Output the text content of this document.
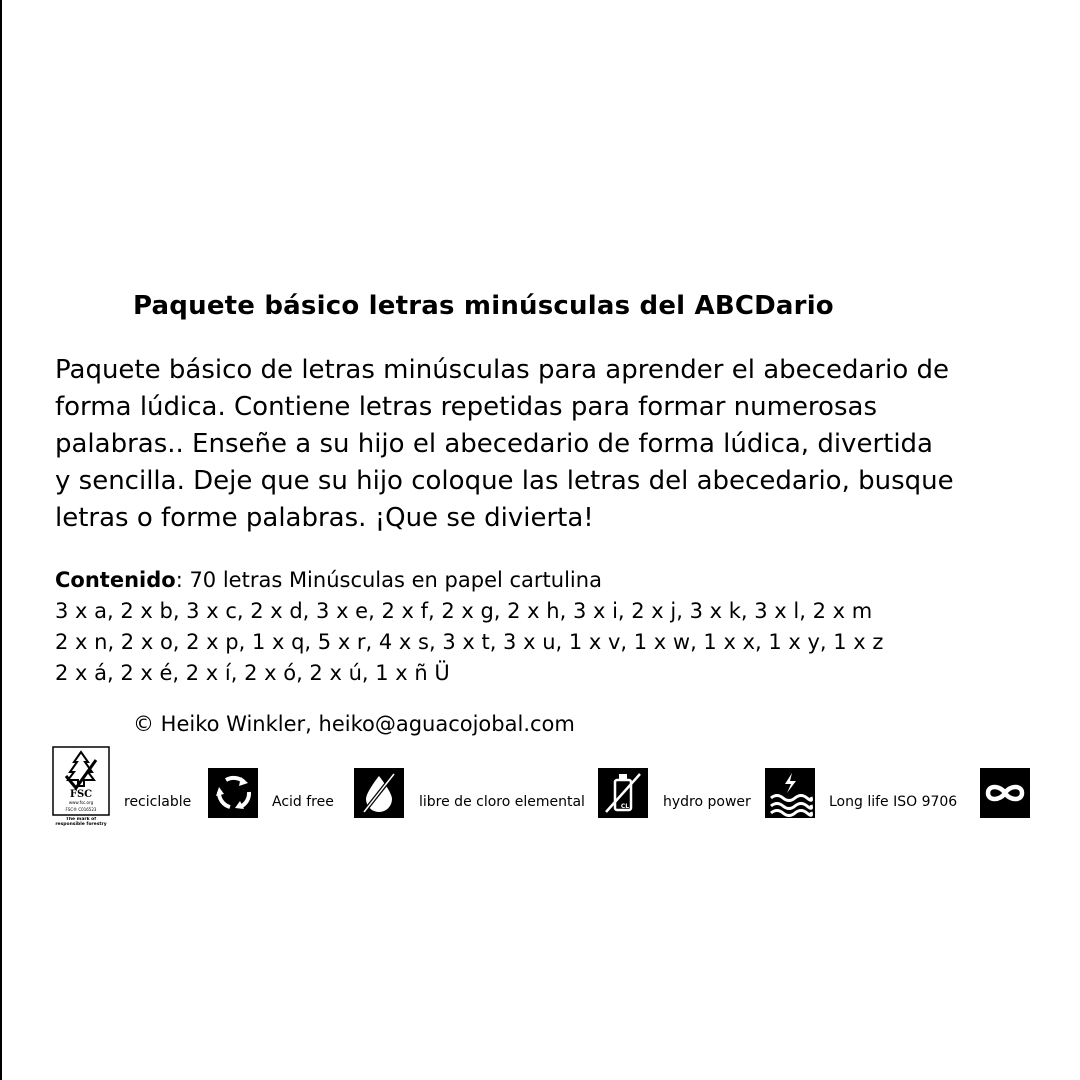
Paquete básico letras minúsculas del ABCDario

Paquete básico de letras minúsculas para aprender el abecedario de

forma lúdica. Contiene letras repetidas para formar numerosas

palabras.. Enseñe a su hijo el abecedario de forma lúdica, divertida

y sencilla. Deje que su hijo coloque las letras del abecedario, busque

letras o forme palabras. ¡Que se divierta!

Contenido: 70 letras Minúsculas en papel cartulina

3 x a, 2 x b, 3 x c, 2 x d, 3 x e, 2 x f, 2 x g, 2 x h, 3 x i, 2 x j, 3 x k, 3 x l, 2 x m

2 x n, 2 x o, 2 x p, 1 x q, 5 x r, 4 x s, 3 x t, 3 x u, 1 x v, 1 x w, 1 x x, 1 x y, 1 x z

2 x á, 2 x é, 2 x í, 2 x ó, 2 x ú, 1 x ñ Ü

© Heiko Winkler, heiko@aguacojobal.com
FSC
www.fsc.org
FSC® C016523
The mark of responsible forestry
reciclable	Acid free	libre de cloro elemental	CL hydro power	Long life ISO 9706
